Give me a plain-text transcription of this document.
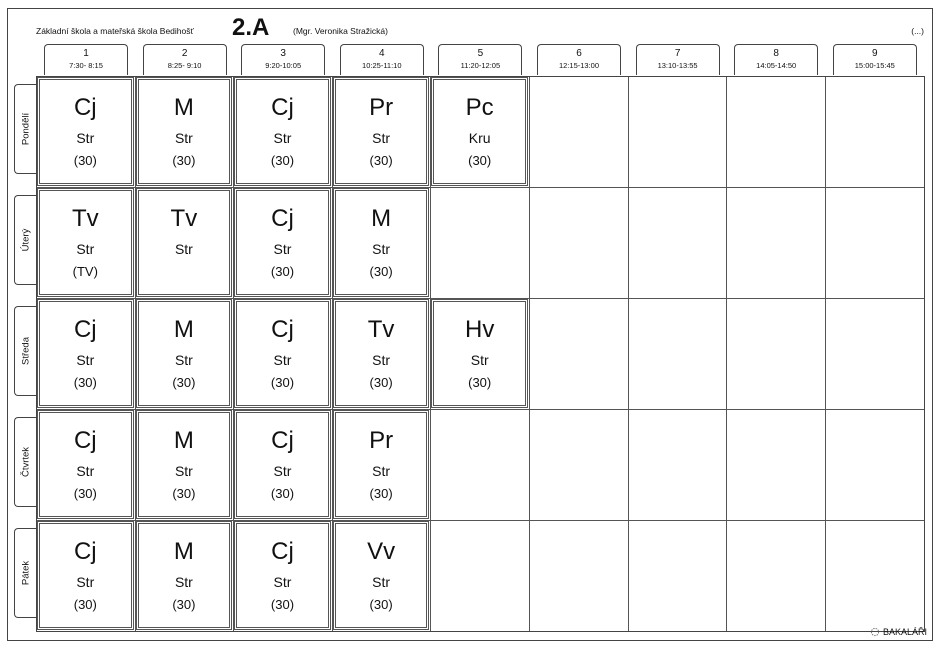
Základní škola a mateřská škola Bedihošť 2.A	(Mgr. Veronika Stražická)	(...)
1
7:30- 8:15
2
8:25- 9:10
3
9:20-10:05
4
10:25-11:10
5
11:20-12:05
6
12:15-13:00
7
13:10-13:55
8
14:05-14:50
9
15:00-15:45
Pondělí
Úterý
Středa
Čtvrtek
Pátek
BAKALÁŘI
Cj
Str
(30)
M
Str
(30)
Cj
Str
(30)
Pr
Str
(30)
Pc
Kru
(30)
Tv
Str
(TV)
Tv
Str
Cj
Str
(30)
M
Str
(30)
Cj
Str
(30)
M
Str
(30)
Cj
Str
(30)
Tv
Str
(30)
Hv
Str
(30)
Cj
Str
(30)
M
Str
(30)
Cj
Str
(30)
Pr
Str
(30)
Cj
Str
(30)
M
Str
(30)
Cj
Str
(30)
Vv
Str
(30)
